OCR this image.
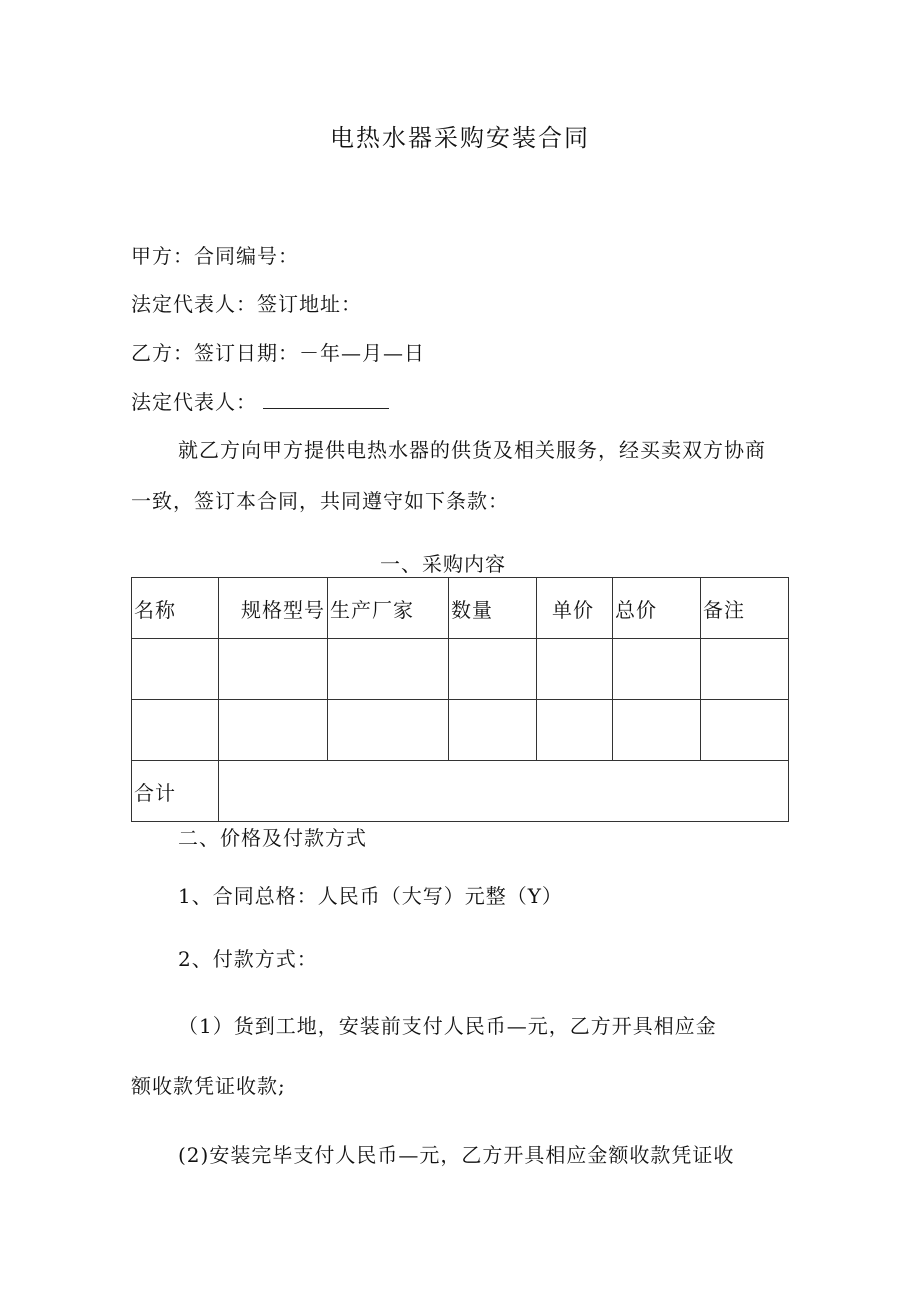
电热水器采购安装合同
甲方：合同编号：
法定代表人：签订地址：
乙方：签订日期：－年—月—日
法定代表人：
就乙方向甲方提供电热水器的供货及相关服务，经买卖双方协商
一致，签订本合同，共同遵守如下条款：
一、采购内容
名称	规格型号	生产厂家	数量	单价	总价	备注

合计						
二、价格及付款方式
1、合同总格：人民币（大写）元整（Y）
2、付款方式：
（1）货到工地，安装前支付人民币—元，乙方开具相应金
额收款凭证收款;
(2)安装完毕支付人民币—元，乙方开具相应金额收款凭证收
